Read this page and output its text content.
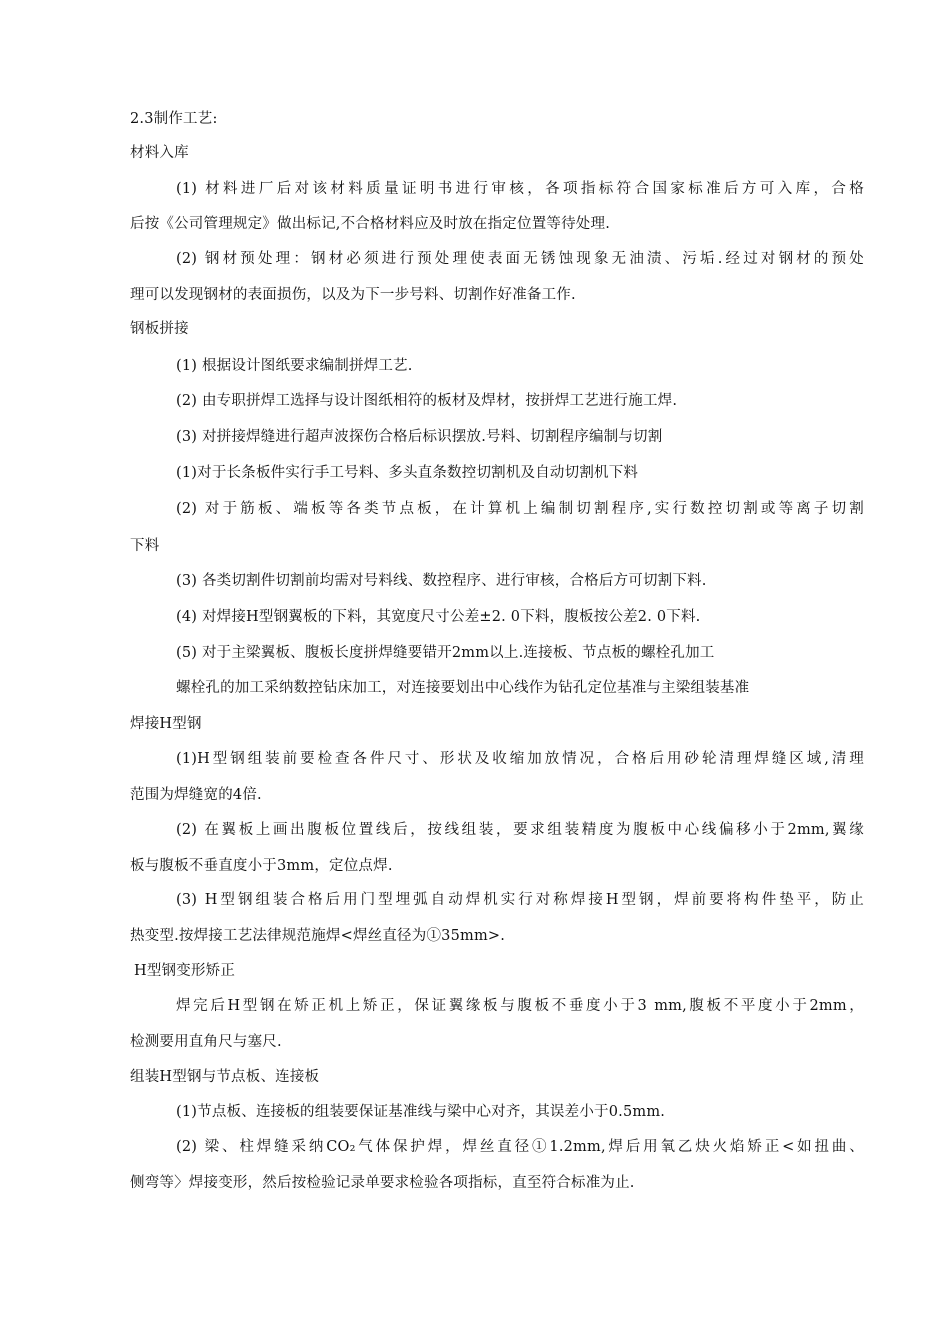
2.3制作工艺:
材料入库
(1) 材料进厂后对该材料质量证明书进行审核，各项指标符合国家标准后方可入库，合格
后按《公司管理规定》做出标记,不合格材料应及时放在指定位置等待处理.
(2) 钢材预处理：钢材必须进行预处理使表面无锈蚀现象无油渍、污垢.经过对钢材的预处
理可以发现钢材的表面损伤，以及为下一步号料、切割作好准备工作.
钢板拼接
(1) 根据设计图纸要求编制拼焊工艺.
(2) 由专职拼焊工选择与设计图纸相符的板材及焊材，按拼焊工艺进行施工焊.
(3) 对拼接焊缝进行超声波探伤合格后标识摆放.号料、切割程序编制与切割
(1)对于长条板件实行手工号料、多头直条数控切割机及自动切割机下料
(2) 对于筋板、端板等各类节点板，在计算机上编制切割程序,实行数控切割或等离子切割
下料
(3) 各类切割件切割前均需对号料线、数控程序、进行审核，合格后方可切割下料.
(4) 对焊接H型钢翼板的下料，其宽度尺寸公差±2. 0下料，腹板按公差2. 0下料.
(5) 对于主梁翼板、腹板长度拼焊缝要错开2mm以上.连接板、节点板的螺栓孔加工
螺栓孔的加工采纳数控钻床加工，对连接要划出中心线作为钻孔定位基准与主梁组装基准
焊接H型钢
(1)H型钢组装前要检查各件尺寸、形状及收缩加放情况，合格后用砂轮清理焊缝区域,清理
范围为焊缝宽的4倍.
(2) 在翼板上画出腹板位置线后，按线组装，要求组装精度为腹板中心线偏移小于2mm,翼缘
板与腹板不垂直度小于3mm，定位点焊.
(3) H型钢组装合格后用门型埋弧自动焊机实行对称焊接H型钢，焊前要将构件垫平，防止
热变型.按焊接工艺法律规范施焊<焊丝直径为①35mm>.
H型钢变形矫正
焊完后H型钢在矫正机上矫正，保证翼缘板与腹板不垂度小于3 mm,腹板不平度小于2mm，
检测要用直角尺与塞尺.
组装H型钢与节点板、连接板
(1)节点板、连接板的组装要保证基准线与梁中心对齐，其误差小于0.5mm.
(2) 梁、柱焊缝采纳CO₂气体保护焊，焊丝直径①1.2mm,焊后用氧乙炔火焰矫正<如扭曲、
侧弯等〉焊接变形，然后按检验记录单要求检验各项指标，直至符合标准为止.
